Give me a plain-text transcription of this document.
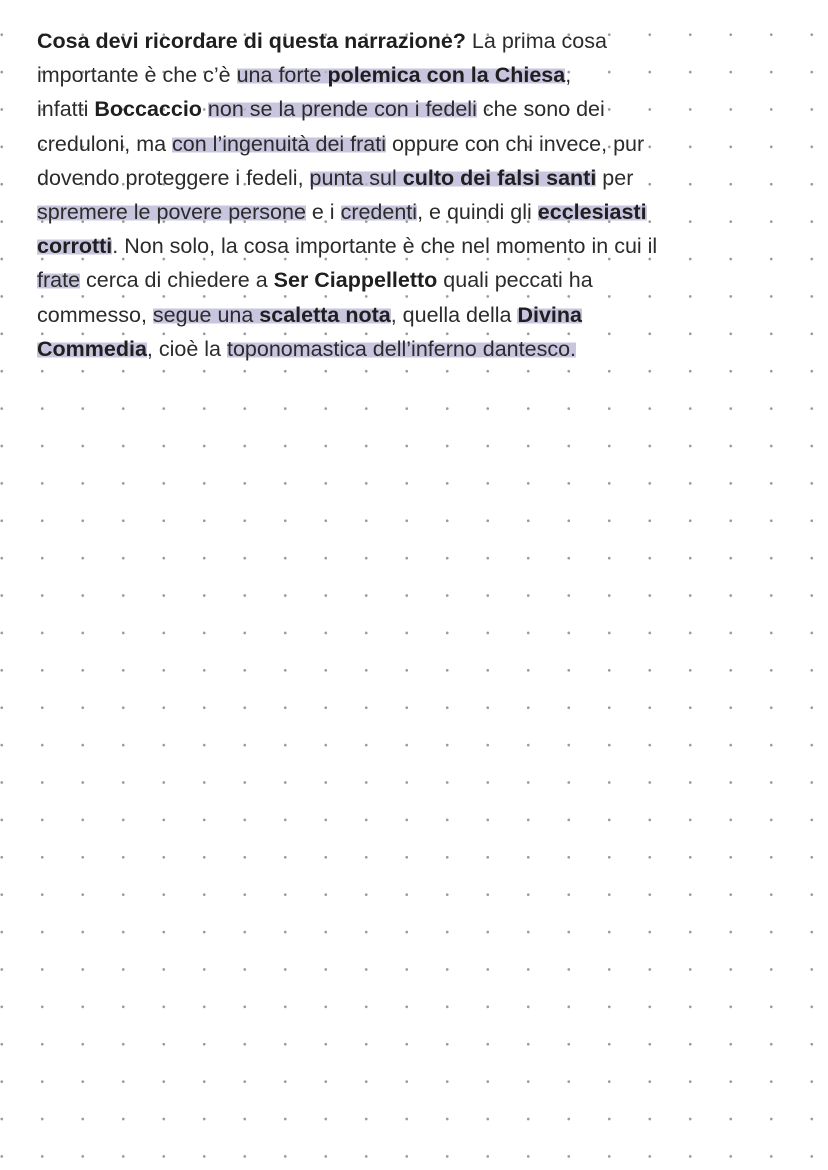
Cosa devi ricordare di questa narrazione? La prima cosa
importante è che c’è una forte polemica con la Chiesa,
infatti Boccaccio non se la prende con i fedeli che sono dei
creduloni, ma con l’ingenuità dei frati oppure con chi invece, pur
dovendo proteggere i fedeli, punta sul culto dei falsi santi per
spremere le povere persone e i credenti, e quindi gli ecclesiasti
corrotti. Non solo, la cosa importante è che nel momento in cui il
frate cerca di chiedere a Ser Ciappelletto quali peccati ha
commesso, segue una scaletta nota, quella della Divina
Commedia, cioè la toponomastica dell’inferno dantesco.
